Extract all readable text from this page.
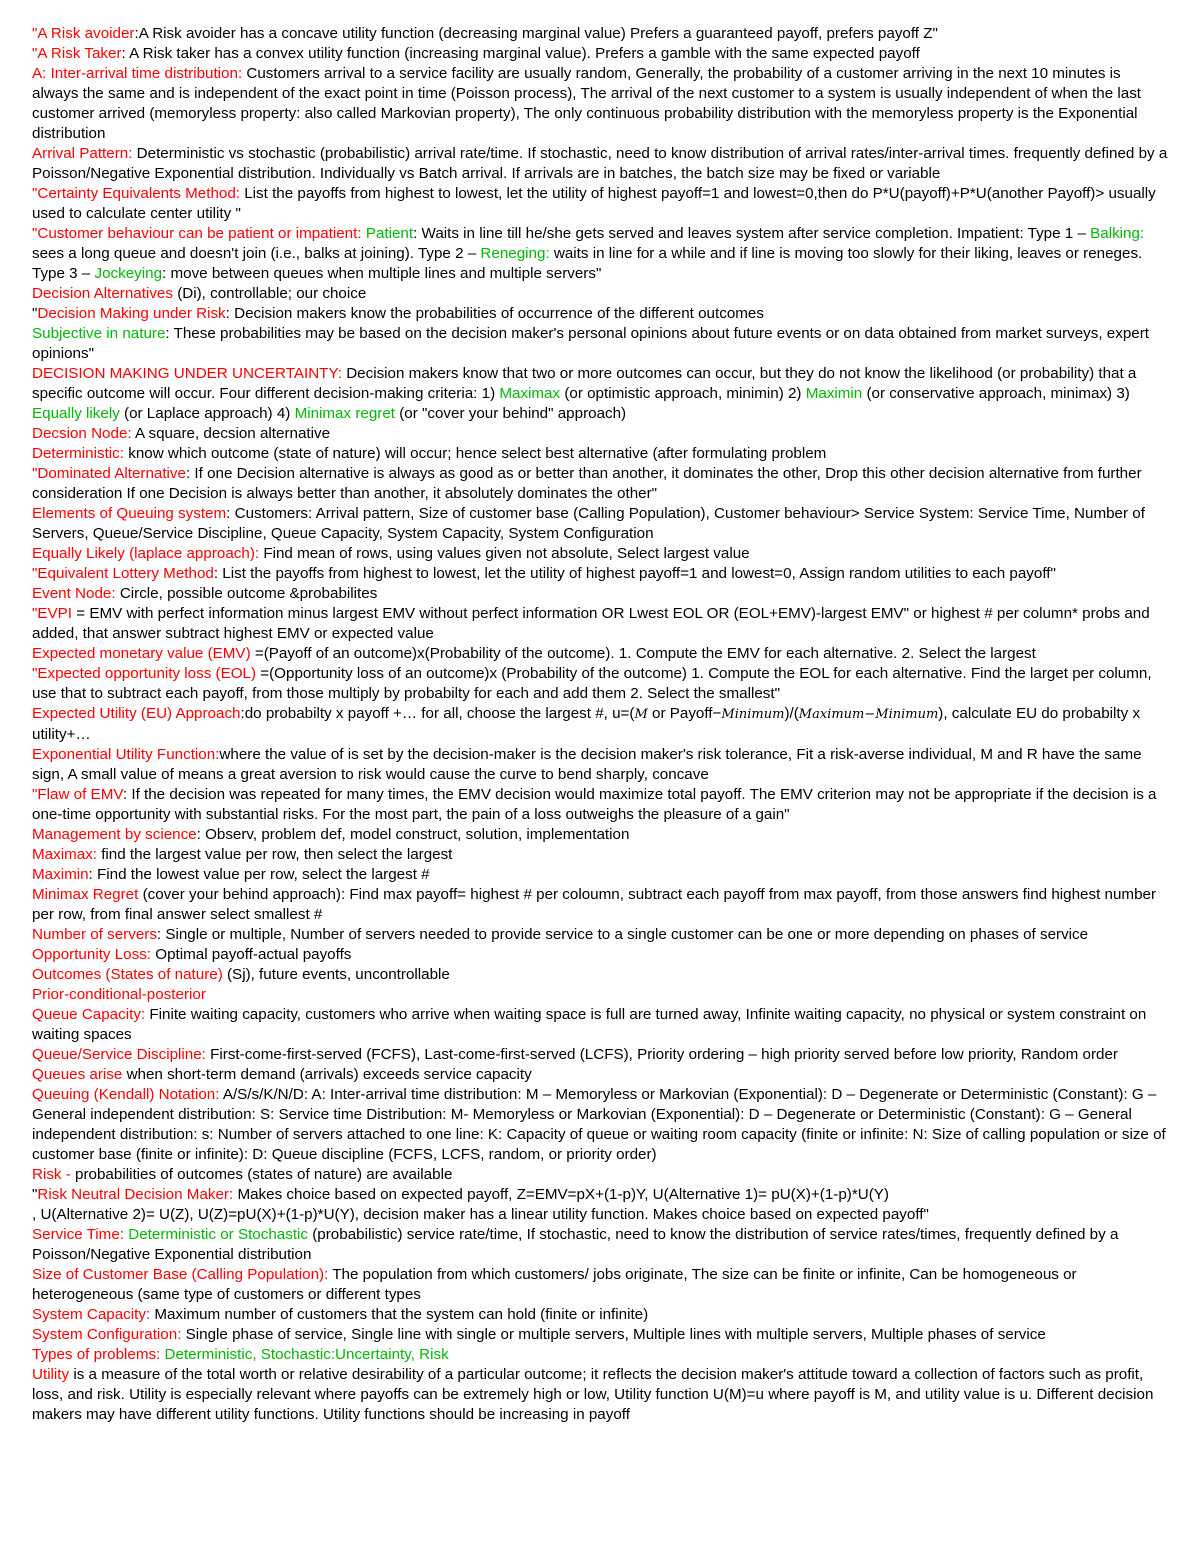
"A Risk avoider:A Risk avoider has a concave utility function (decreasing marginal value) Prefers a guaranteed payoff, prefers payoff Z"

"A Risk Taker: A Risk taker has a convex utility function (increasing marginal value). Prefers a gamble with the same expected payoff

A: Inter-arrival time distribution: Customers arrival to a service facility are usually random, Generally, the probability of a customer arriving in the next 10 minutes is always the same and is independent of the exact point in time (Poisson process), The arrival of the next customer to a system is usually independent of when the last customer arrived (memoryless property: also called Markovian property), The only continuous probability distribution with the memoryless property is the Exponential distribution

Arrival Pattern: Deterministic vs stochastic (probabilistic) arrival rate/time. If stochastic, need to know distribution of arrival rates/inter-arrival times. frequently defined by a Poisson/Negative Exponential distribution. Individually vs Batch arrival. If arrivals are in batches, the batch size may be fixed or variable

"Certainty Equivalents Method: List the payoffs from highest to lowest, let the utility of highest payoff=1 and lowest=0,then do P*U(payoff)+P*U(another Payoff)> usually used to calculate center utility "

"Customer behaviour can be patient or impatient: Patient: Waits in line till he/she gets served and leaves system after service completion. Impatient: Type 1 – Balking: sees a long queue and doesn't join (i.e., balks at joining). Type 2 – Reneging: waits in line for a while and if line is moving too slowly for their liking, leaves or reneges. Type 3 – Jockeying: move between queues when multiple lines and multiple servers"

Decision Alternatives (Di), controllable; our choice

"Decision Making under Risk: Decision makers know the probabilities of occurrence of the different outcomes

Subjective in nature: These probabilities may be based on the decision maker's personal opinions about future events or on data obtained from market surveys, expert opinions"

DECISION MAKING UNDER UNCERTAINTY: Decision makers know that two or more outcomes can occur, but they do not know the likelihood (or probability) that a specific outcome will occur. Four different decision-making criteria: 1) Maximax (or optimistic approach, minimin) 2) Maximin (or conservative approach, minimax) 3) Equally likely (or Laplace approach) 4) Minimax regret (or "cover your behind" approach)

Decsion Node: A square, decsion alternative

Deterministic: know which outcome (state of nature) will occur; hence select best alternative (after formulating problem

"Dominated Alternative: If one Decision alternative is always as good as or better than another, it dominates the other, Drop this other decision alternative from further consideration If one Decision is always better than another, it absolutely dominates the other"

Elements of Queuing system: Customers: Arrival pattern, Size of customer base (Calling Population), Customer behaviour> Service System: Service Time, Number of Servers, Queue/Service Discipline, Queue Capacity, System Capacity, System Configuration

Equally Likely (laplace approach): Find mean of rows, using values given not absolute, Select largest value

"Equivalent Lottery Method: List the payoffs from highest to lowest, let the utility of highest payoff=1 and lowest=0, Assign random utilities to each payoff"

Event Node: Circle, possible outcome &probabilites

"EVPI = EMV with perfect information minus largest EMV without perfect information OR Lwest EOL OR (EOL+EMV)-largest EMV" or highest # per column* probs and added, that answer subtract highest EMV or expected value

Expected monetary value (EMV) =(Payoff of an outcome)x(Probability of the outcome). 1. Compute the EMV for each alternative. 2. Select the largest

"Expected opportunity loss (EOL) =(Opportunity loss of an outcome)x (Probability of the outcome) 1. Compute the EOL for each alternative. Find the larget per column, use that to subtract each payoff, from those multiply by probabilty for each and add them 2. Select the smallest"

Expected Utility (EU) Approach:do probabilty x payoff +… for all, choose the largest #, u=(M or Payoff−Minimum)/(Maximum−Minimum), calculate EU do probabilty x utility+…

Exponential Utility Function:where the value of is set by the decision-maker is the decision maker's risk tolerance, Fit a risk-averse individual, M and R have the same sign, A small value of means a great aversion to risk would cause the curve to bend sharply, concave

"Flaw of EMV: If the decision was repeated for many times, the EMV decision would maximize total payoff. The EMV criterion may not be appropriate if the decision is a one-time opportunity with substantial risks. For the most part, the pain of a loss outweighs the pleasure of a gain"

Management by science: Observ, problem def, model construct, solution, implementation

Maximax: find the largest value per row, then select the largest

Maximin: Find the lowest value per row, select the largest #

Minimax Regret (cover your behind approach): Find max payoff= highest # per coloumn, subtract each payoff from max payoff, from those answers find highest number per row, from final answer select smallest #

Number of servers: Single or multiple, Number of servers needed to provide service to a single customer can be one or more depending on phases of service

Opportunity Loss: Optimal payoff-actual payoffs

Outcomes (States of nature) (Sj), future events, uncontrollable

Prior-conditional-posterior

Queue Capacity: Finite waiting capacity, customers who arrive when waiting space is full are turned away, Infinite waiting capacity, no physical or system constraint on waiting spaces

Queue/Service Discipline: First-come-first-served (FCFS), Last-come-first-served (LCFS), Priority ordering – high priority served before low priority, Random order

Queues arise when short-term demand (arrivals) exceeds service capacity

Queuing (Kendall) Notation: A/S/s/K/N/D: A: Inter-arrival time distribution: M – Memoryless or Markovian (Exponential): D – Degenerate or Deterministic (Constant): G – General independent distribution: S: Service time Distribution: M- Memoryless or Markovian (Exponential): D – Degenerate or Deterministic (Constant): G – General independent distribution: s: Number of servers attached to one line: K: Capacity of queue or waiting room capacity (finite or infinite: N: Size of calling population or size of customer base (finite or infinite): D: Queue discipline (FCFS, LCFS, random, or priority order)

Risk - probabilities of outcomes (states of nature) are available

"Risk Neutral Decision Maker: Makes choice based on expected payoff, Z=EMV=pX+(1-p)Y, U(Alternative 1)= pU(X)+(1-p)*U(Y)
, U(Alternative 2)= U(Z), U(Z)=pU(X)+(1-p)*U(Y), decision maker has a linear utility function. Makes choice based on expected payoff"

Service Time: Deterministic or Stochastic (probabilistic) service rate/time, If stochastic, need to know the distribution of service rates/times, frequently defined by a Poisson/Negative Exponential distribution

Size of Customer Base (Calling Population): The population from which customers/ jobs originate, The size can be finite or infinite, Can be homogeneous or heterogeneous (same type of customers or different types

System Capacity: Maximum number of customers that the system can hold (finite or infinite)

System Configuration: Single phase of service, Single line with single or multiple servers, Multiple lines with multiple servers, Multiple phases of service

Types of problems: Deterministic, Stochastic:Uncertainty, Risk

Utility is a measure of the total worth or relative desirability of a particular outcome; it reflects the decision maker's attitude toward a collection of factors such as profit, loss, and risk. Utility is especially relevant where payoffs can be extremely high or low, Utility function U(M)=u where payoff is M, and utility value is u. Different decision makers may have different utility functions. Utility functions should be increasing in payoff
